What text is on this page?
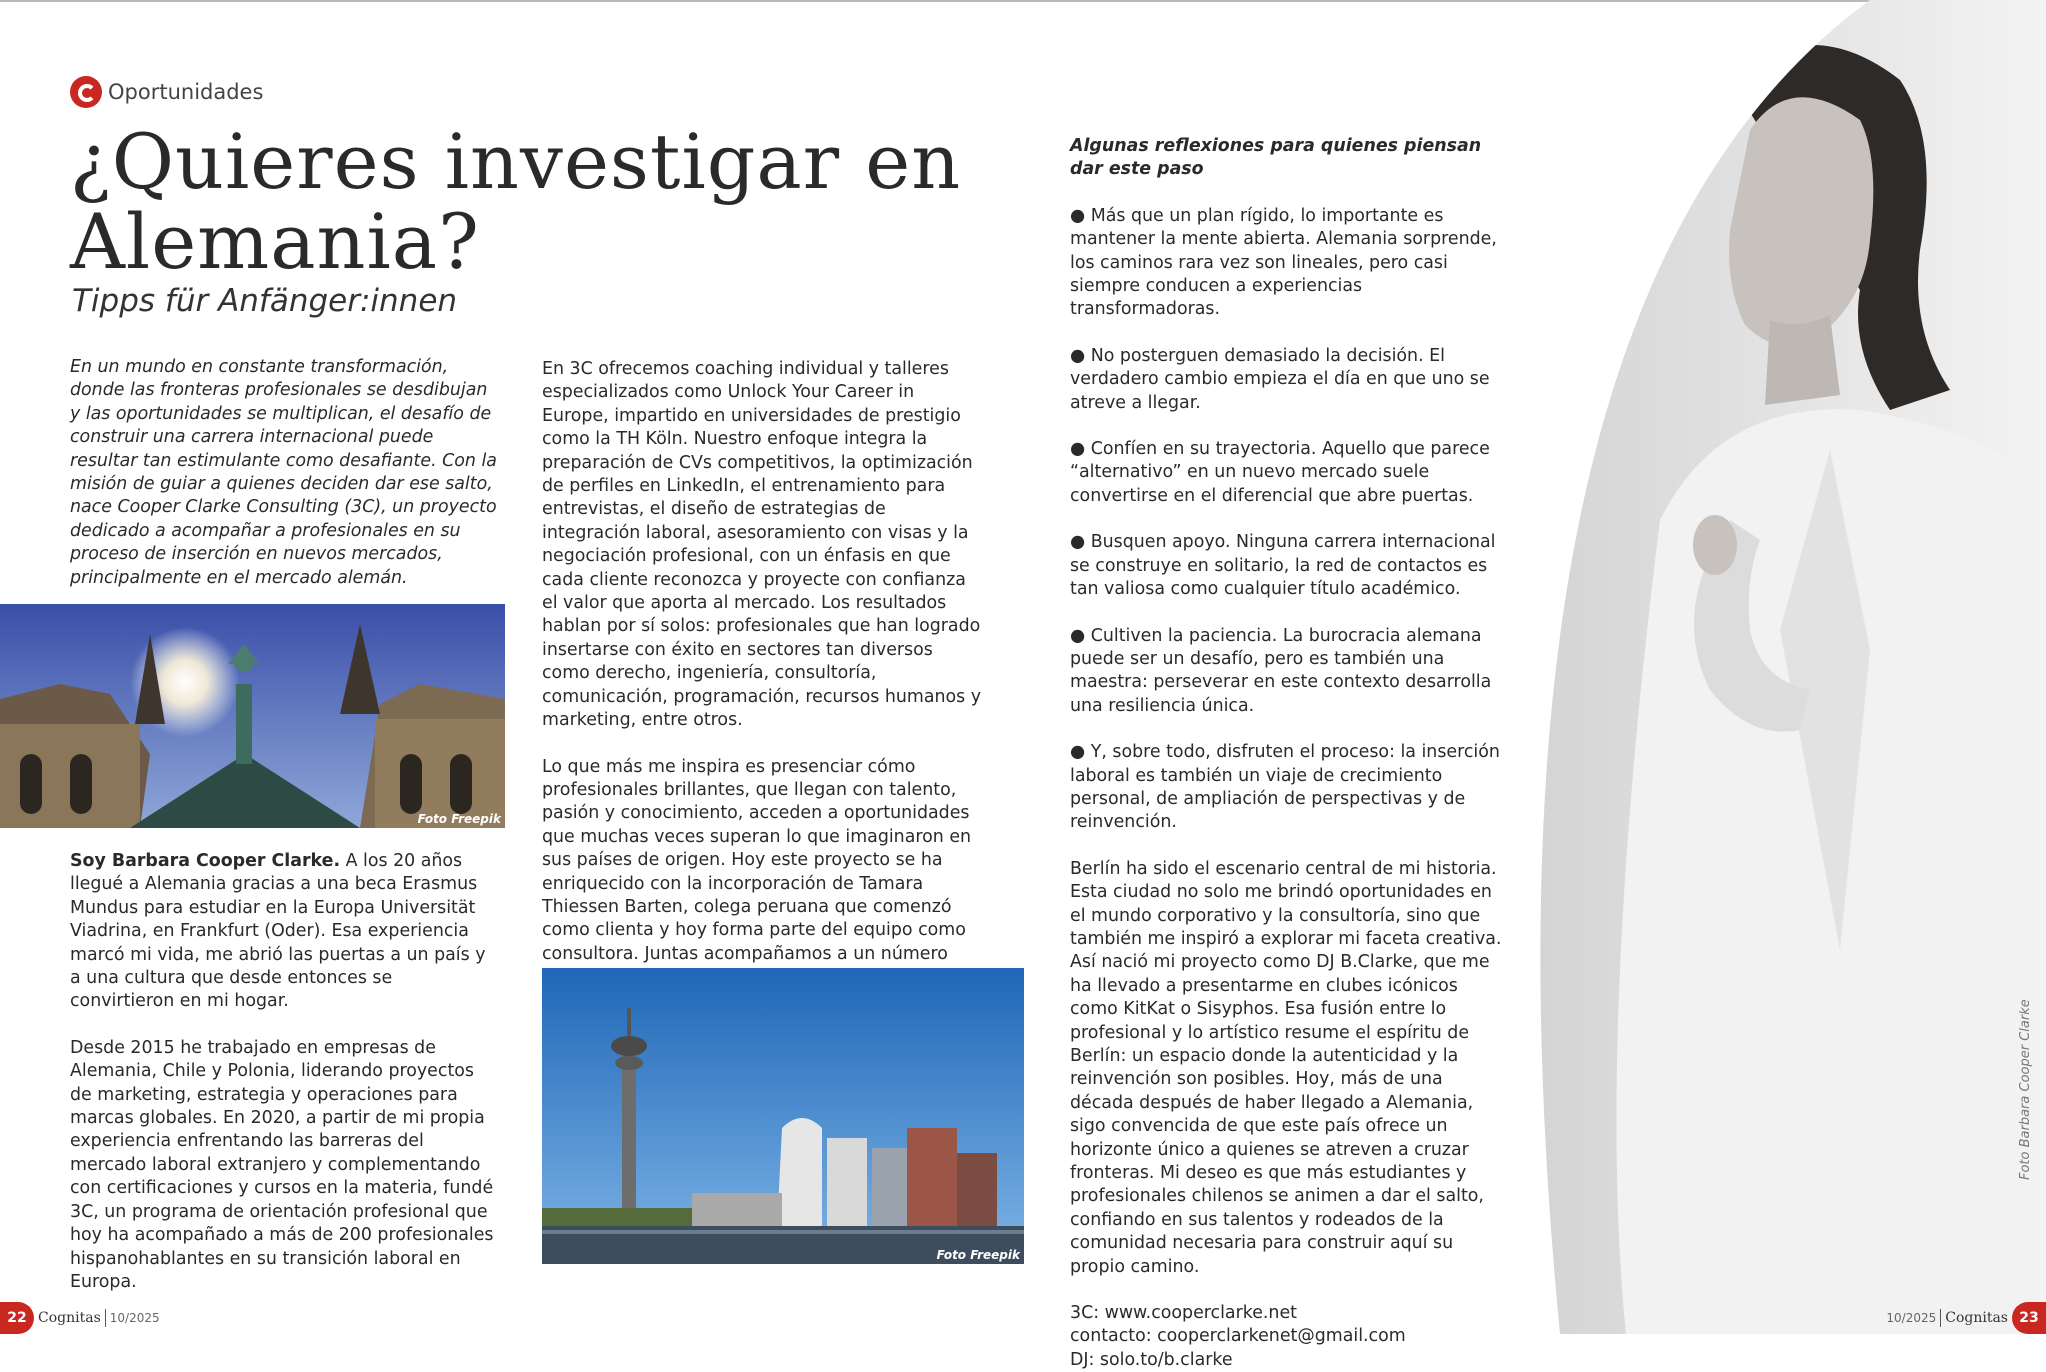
Oportunidades
¿Quieres investigar en Alemania?
Tipps für Anfänger:innen

En un mundo en constante transformación, donde las fronteras profesionales se desdibujan y las oportunidades se multiplican, el desafío de construir una carrera internacional puede resultar tan estimulante como desafiante. Con la misión de guiar a quienes deciden dar ese salto, nace Cooper Clarke Consulting (3C), un proyecto dedicado a acompañar a profesionales en su proceso de inserción en nuevos mercados, principalmente en el mercado alemán.

Foto Freepik

Soy Barbara Cooper Clarke. A los 20 años llegué a Alemania gracias a una beca Erasmus Mundus para estudiar en la Europa Universität Viadrina, en Frankfurt (Oder). Esa experiencia marcó mi vida, me abrió las puertas a un país y a una cultura que desde entonces se convirtieron en mi hogar.

Desde 2015 he trabajado en empresas de Alemania, Chile y Polonia, liderando proyectos de marketing, estrategia y operaciones para marcas globales. En 2020, a partir de mi propia experiencia enfrentando las barreras del mercado laboral extranjero y complementando con certificaciones y cursos en la materia, fundé 3C, un programa de orientación profesional que hoy ha acompañado a más de 200 profesionales hispanohablantes en su transición laboral en Europa.

En 3C ofrecemos coaching individual y talleres especializados como Unlock Your Career in Europe, impartido en universidades de prestigio como la TH Köln. Nuestro enfoque integra la preparación de CVs competitivos, la optimización de perfiles en LinkedIn, el entrenamiento para entrevistas, el diseño de estrategias de integración laboral, asesoramiento con visas y la negociación profesional, con un énfasis en que cada cliente reconozca y proyecte con confianza el valor que aporta al mercado. Los resultados hablan por sí solos: profesionales que han logrado insertarse con éxito en sectores tan diversos como derecho, ingeniería, consultoría, comunicación, programación, recursos humanos y marketing, entre otros.

Lo que más me inspira es presenciar cómo profesionales brillantes, que llegan con talento, pasión y conocimiento, acceden a oportunidades que muchas veces superan lo que imaginaron en sus países de origen. Hoy este proyecto se ha enriquecido con la incorporación de Tamara Thiessen Barten, colega peruana que comenzó como clienta y hoy forma parte del equipo como consultora. Juntas acompañamos a un número

Foto Freepik

Algunas reflexiones para quienes piensan dar este paso

● Más que un plan rígido, lo importante es mantener la mente abierta. Alemania sorprende, los caminos rara vez son lineales, pero casi siempre conducen a experiencias transformadoras.

● No posterguen demasiado la decisión. El verdadero cambio empieza el día en que uno se atreve a llegar.

● Confíen en su trayectoria. Aquello que parece “alternativo” en un nuevo mercado suele convertirse en el diferencial que abre puertas.

● Busquen apoyo. Ninguna carrera internacional se construye en solitario, la red de contactos es tan valiosa como cualquier título académico.

● Cultiven la paciencia. La burocracia alemana puede ser un desafío, pero es también una maestra: perseverar en este contexto desarrolla una resiliencia única.

● Y, sobre todo, disfruten el proceso: la inserción laboral es también un viaje de crecimiento personal, de ampliación de perspectivas y de reinvención.

Berlín ha sido el escenario central de mi historia. Esta ciudad no solo me brindó oportunidades en el mundo corporativo y la consultoría, sino que también me inspiró a explorar mi faceta creativa. Así nació mi proyecto como DJ B.Clarke, que me ha llevado a presentarme en clubes icónicos como KitKat o Sisyphos. Esa fusión entre lo profesional y lo artístico resume el espíritu de Berlín: un espacio donde la autenticidad y la reinvención son posibles. Hoy, más de una década después de haber llegado a Alemania, sigo convencida de que este país ofrece un horizonte único a quienes se atreven a cruzar fronteras. Mi deseo es que más estudiantes y profesionales chilenos se animen a dar el salto, confiando en sus talentos y rodeados de la comunidad necesaria para construir aquí su propio camino.

3C: www.cooperclarke.net
contacto: cooperclarkenet@gmail.com
DJ: solo.to/b.clarke
Foto Barbara Cooper Clarke
22 Cognitas 10/2025	10/2025 Cognitas 23
